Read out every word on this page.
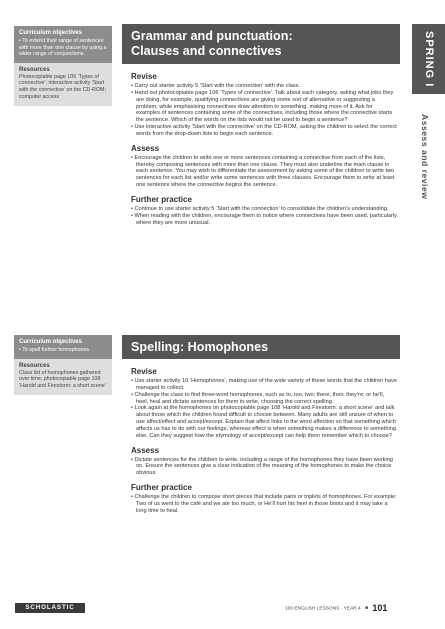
Curriculum objectives
• To extend their range of sentences with more than one clause by using a wider range of conjunctions.
Resources
Photocopiable page 106 ‘Types of connective’; interactive activity ‘Start with the connective’ on the CD-ROM; computer access
Grammar and punctuation:
Clauses and connectives
Revise

• Carry out starter activity 5 ‘Start with the connection’ with the class.

• Hand out photocopiable page 106 ‘Types of connective’. Talk about each category, asking what jobs they are doing, for example, qualifying connectives are giving some sort of alternative or suggesting a problem, while emphasising connectives draw attention to something, making more of it. Ask for examples of sentences containing some of the connectives, including those where the connective starts the sentence. Which of the words on the lists would not be used to begin a sentence?

• Use interactive activity ‘Start with the connective’ on the CD-ROM, asking the children to select the correct words from the drop-down lists to begin each sentence.

Assess

• Encourage the children to write one or more sentences containing a connective from each of the lists, thereby composing sentences with more than one clause. They must also underline the main clause in each sentence. You may wish to differentiate the assessment by asking some of the children to write two sentences for each list and/or write some sentences with three clauses. Encourage them to write at least one sentence where the connective begins the sentence.

Further practice

• Continue to use starter activity 5 ‘Start with the connection’ to consolidate the children’s understanding.

• When reading with the children, encourage them to notice where connectives have been used, particularly where they are more unusual.

Curriculum objectives
• To spell further homophones.
Resources
Class list of homophones gathered over time; photocopiable page 108 ‘Harold and Firestorm: a short scene’
Spelling: Homophones
Revise

• Use starter activity 10 ‘Homophones’, making use of the wide variety of these words that the children have managed to collect.

• Challenge the class to find three-word homophones, such as to, too, two; there, their, they’re; or he’ll, heel, heal and dictate sentences for them to write, choosing the correct spelling.

• Look again at the homophones on photocopiable page 108 ‘Harold and Firestorm: a short scene’ and talk about those which the children found difficult to choose between. Many adults are still unsure of when to use affect/effect and accept/except. Explain that affect links to the word affection so that something which affects us has to do with our feelings, whereas effect is when something makes a difference to something else. Can they suggest how the etymology of accept/except can help them remember which to choose?

Assess

• Dictate sentences for the children to write, including a range of the homophones they have been working on. Ensure the sentences give a clear indication of the meaning of the homophones to make the choice obvious.

Further practice

• Challenge the children to compose short pieces that include pairs or triplets of homophones. For example: Two of us went to the café and we ate too much, or He’ll hurt his heel in those boots and it may take a long time to heal.

SPRING I
Assess and review
SCHOLASTIC	100 ENGLISH LESSONS · YEAR 4 ■ 101
